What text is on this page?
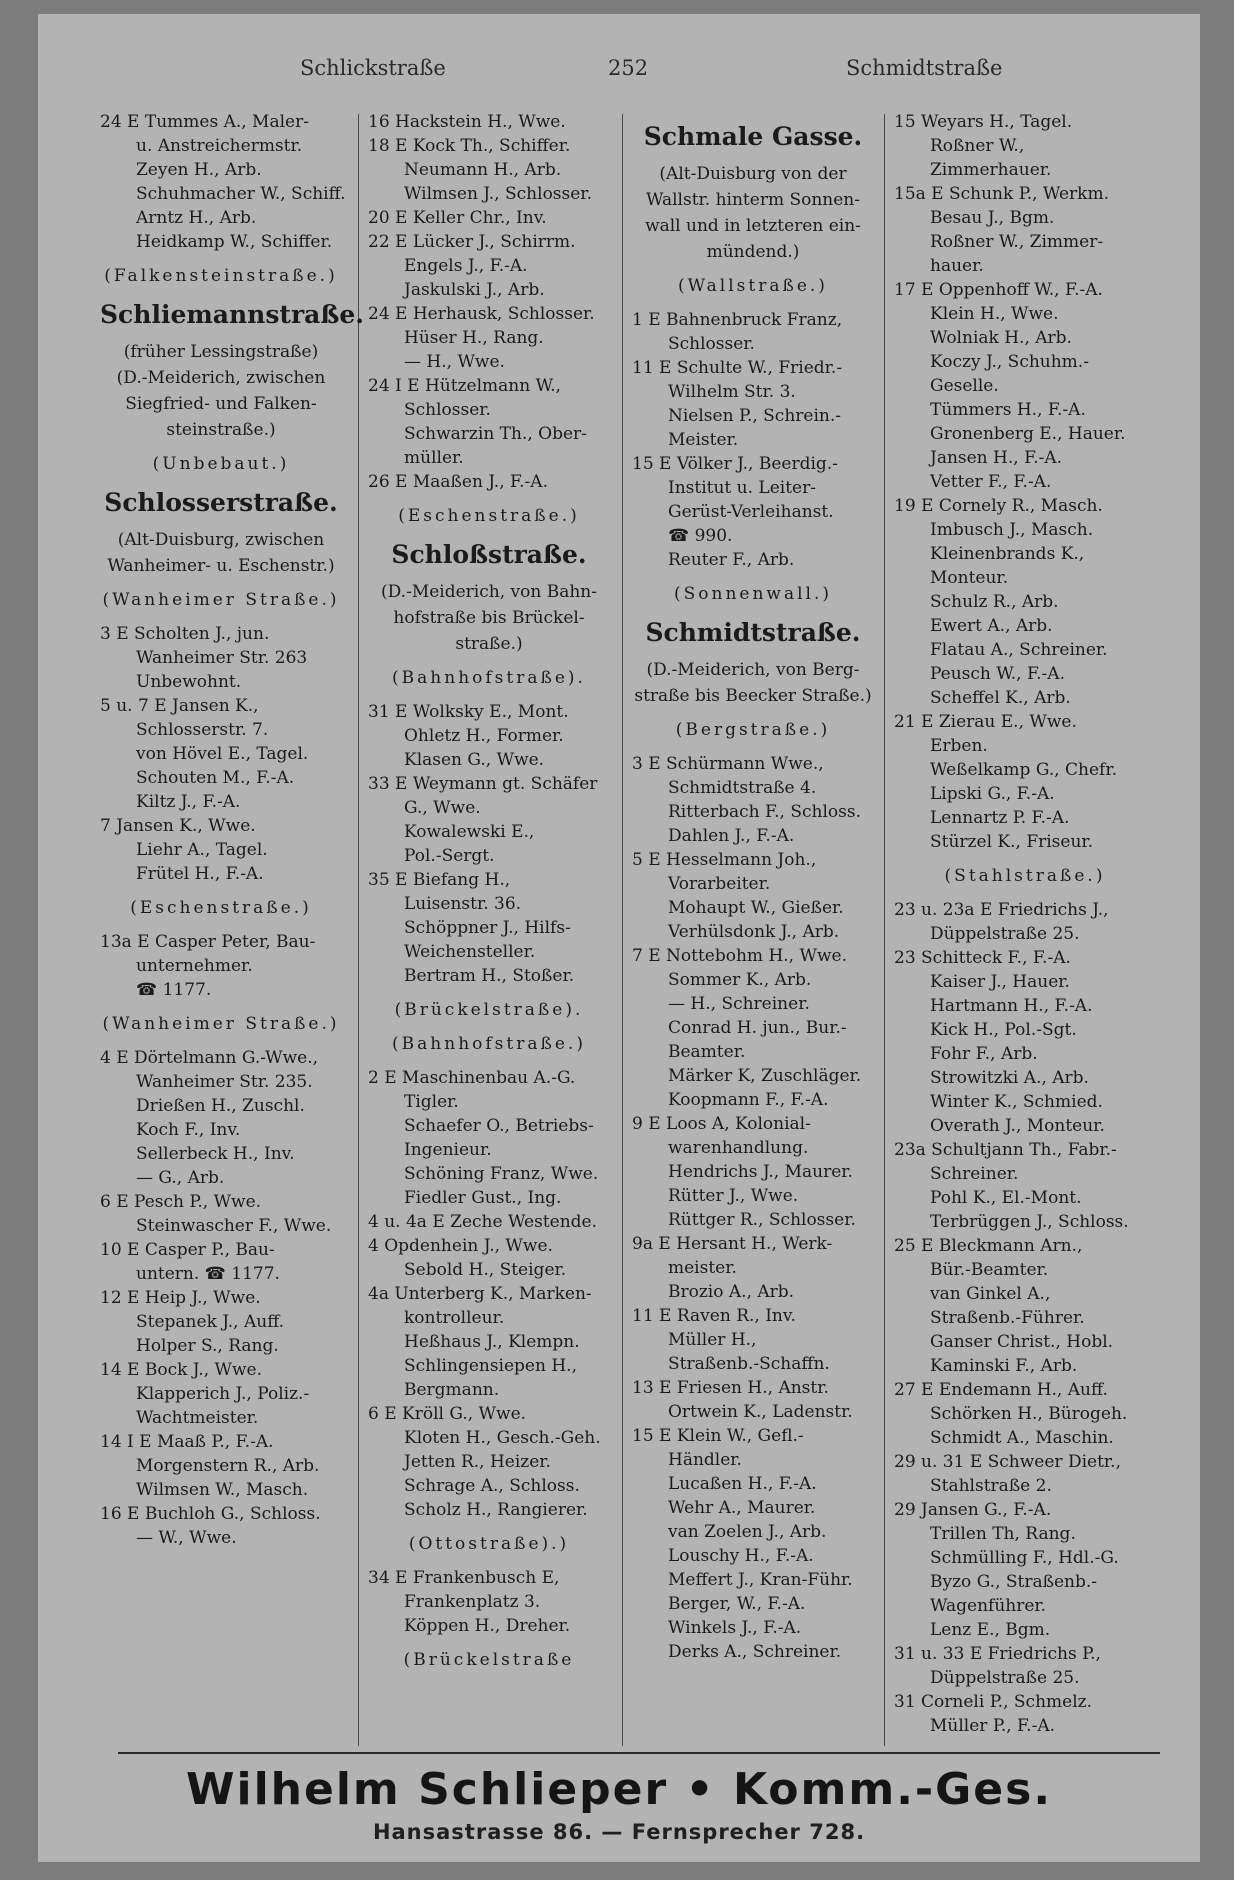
Schlickstraße	252	Schmidtstraße
24 E Tummes A., Maler-
u. Anstreichermstr.
Zeyen H., Arb.
Schuhmacher W., Schiff.
Arntz H., Arb.
Heidkamp W., Schiffer.
(Falkensteinstraße.)
Schliemannstraße.
(früher Lessingstraße)
(D.-Meiderich, zwischen
Siegfried- und Falken-
steinstraße.)
(Unbebaut.)
Schlosserstraße.
(Alt-Duisburg, zwischen
Wanheimer- u. Eschenstr.)
(Wanheimer Straße.)
3 E Scholten J., jun.
Wanheimer Str. 263
Unbewohnt.
5 u. 7 E Jansen K.,
Schlosserstr. 7.
von Hövel E., Tagel.
Schouten M., F.-A.
Kiltz J., F.-A.
7 Jansen K., Wwe.
Liehr A., Tagel.
Frütel H., F.-A.
(Eschenstraße.)
13a E Casper Peter, Bau-
unternehmer.
☎ 1177.
(Wanheimer Straße.)
4 E Dörtelmann G.-Wwe.,
Wanheimer Str. 235.
Drießen H., Zuschl.
Koch F., Inv.
Sellerbeck H., Inv.
— G., Arb.
6 E Pesch P., Wwe.
Steinwascher F., Wwe.
10 E Casper P., Bau-
untern. ☎ 1177.
12 E Heip J., Wwe.
Stepanek J., Auff.
Holper S., Rang.
14 E Bock J., Wwe.
Klapperich J., Poliz.-
Wachtmeister.
14 I E Maaß P., F.-A.
Morgenstern R., Arb.
Wilmsen W., Masch.
16 E Buchloh G., Schloss.
— W., Wwe.
16 Hackstein H., Wwe.
18 E Kock Th., Schiffer.
Neumann H., Arb.
Wilmsen J., Schlosser.
20 E Keller Chr., Inv.
22 E Lücker J., Schirrm.
Engels J., F.-A.
Jaskulski J., Arb.
24 E Herhausk, Schlosser.
Hüser H., Rang.
— H., Wwe.
24 I E Hützelmann W.,
Schlosser.
Schwarzin Th., Ober-
müller.
26 E Maaßen J., F.-A.
(Eschenstraße.)
Schloßstraße.
(D.-Meiderich, von Bahn-
hofstraße bis Brückel-
straße.)
(Bahnhofstraße).
31 E Wolksky E., Mont.
Ohletz H., Former.
Klasen G., Wwe.
33 E Weymann gt. Schäfer
G., Wwe.
Kowalewski E.,
Pol.-Sergt.
35 E Biefang H.,
Luisenstr. 36.
Schöppner J., Hilfs-
Weichensteller.
Bertram H., Stoßer.
(Brückelstraße).
(Bahnhofstraße.)
2 E Maschinenbau A.-G.
Tigler.
Schaefer O., Betriebs-
Ingenieur.
Schöning Franz, Wwe.
Fiedler Gust., Ing.
4 u. 4a E Zeche Westende.
4 Opdenhein J., Wwe.
Sebold H., Steiger.
4a Unterberg K., Marken-
kontrolleur.
Heßhaus J., Klempn.
Schlingensiepen H.,
Bergmann.
6 E Kröll G., Wwe.
Kloten H., Gesch.-Geh.
Jetten R., Heizer.
Schrage A., Schloss.
Scholz H., Rangierer.
(Ottostraße).)
34 E Frankenbusch E,
Frankenplatz 3.
Köppen H., Dreher.
(Brückelstraße
Schmale Gasse.
(Alt-Duisburg von der
Wallstr. hinterm Sonnen-
wall und in letzteren ein-
mündend.)
(Wallstraße.)
1 E Bahnenbruck Franz,
Schlosser.
11 E Schulte W., Friedr.-
Wilhelm Str. 3.
Nielsen P., Schrein.-
Meister.
15 E Völker J., Beerdig.-
Institut u. Leiter-
Gerüst-Verleihanst.
☎ 990.
Reuter F., Arb.
(Sonnenwall.)
Schmidtstraße.
(D.-Meiderich, von Berg-
straße bis Beecker Straße.)
(Bergstraße.)
3 E Schürmann Wwe.,
Schmidtstraße 4.
Ritterbach F., Schloss.
Dahlen J., F.-A.
5 E Hesselmann Joh.,
Vorarbeiter.
Mohaupt W., Gießer.
Verhülsdonk J., Arb.
7 E Nottebohm H., Wwe.
Sommer K., Arb.
— H., Schreiner.
Conrad H. jun., Bur.-
Beamter.
Märker K, Zuschläger.
Koopmann F., F.-A.
9 E Loos A, Kolonial-
warenhandlung.
Hendrichs J., Maurer.
Rütter J., Wwe.
Rüttger R., Schlosser.
9a E Hersant H., Werk-
meister.
Brozio A., Arb.
11 E Raven R., Inv.
Müller H.,
Straßenb.-Schaffn.
13 E Friesen H., Anstr.
Ortwein K., Ladenstr.
15 E Klein W., Gefl.-
Händler.
Lucaßen H., F.-A.
Wehr A., Maurer.
van Zoelen J., Arb.
Louschy H., F.-A.
Meffert J., Kran-Führ.
Berger, W., F.-A.
Winkels J., F.-A.
Derks A., Schreiner.
15 Weyars H., Tagel.
Roßner W.,
Zimmerhauer.
15a E Schunk P., Werkm.
Besau J., Bgm.
Roßner W., Zimmer-
hauer.
17 E Oppenhoff W., F.-A.
Klein H., Wwe.
Wolniak H., Arb.
Koczy J., Schuhm.-
Geselle.
Tümmers H., F.-A.
Gronenberg E., Hauer.
Jansen H., F.-A.
Vetter F., F.-A.
19 E Cornely R., Masch.
Imbusch J., Masch.
Kleinenbrands K.,
Monteur.
Schulz R., Arb.
Ewert A., Arb.
Flatau A., Schreiner.
Peusch W., F.-A.
Scheffel K., Arb.
21 E Zierau E., Wwe.
Erben.
Weßelkamp G., Chefr.
Lipski G., F.-A.
Lennartz P. F.-A.
Stürzel K., Friseur.
(Stahlstraße.)
23 u. 23a E Friedrichs J.,
Düppelstraße 25.
23 Schitteck F., F.-A.
Kaiser J., Hauer.
Hartmann H., F.-A.
Kick H., Pol.-Sgt.
Fohr F., Arb.
Strowitzki A., Arb.
Winter K., Schmied.
Overath J., Monteur.
23a Schultjann Th., Fabr.-
Schreiner.
Pohl K., El.-Mont.
Terbrüggen J., Schloss.
25 E Bleckmann Arn.,
Bür.-Beamter.
van Ginkel A.,
Straßenb.-Führer.
Ganser Christ., Hobl.
Kaminski F., Arb.
27 E Endemann H., Auff.
Schörken H., Bürogeh.
Schmidt A., Maschin.
29 u. 31 E Schweer Dietr.,
Stahlstraße 2.
29 Jansen G., F.-A.
Trillen Th, Rang.
Schmülling F., Hdl.-G.
Byzo G., Straßenb.-
Wagenführer.
Lenz E., Bgm.
31 u. 33 E Friedrichs P.,
Düppelstraße 25.
31 Corneli P., Schmelz.
Müller P., F.-A.
Wilhelm Schlieper • Komm.-Ges.
Hansastrasse 86. — Fernsprecher 728.
